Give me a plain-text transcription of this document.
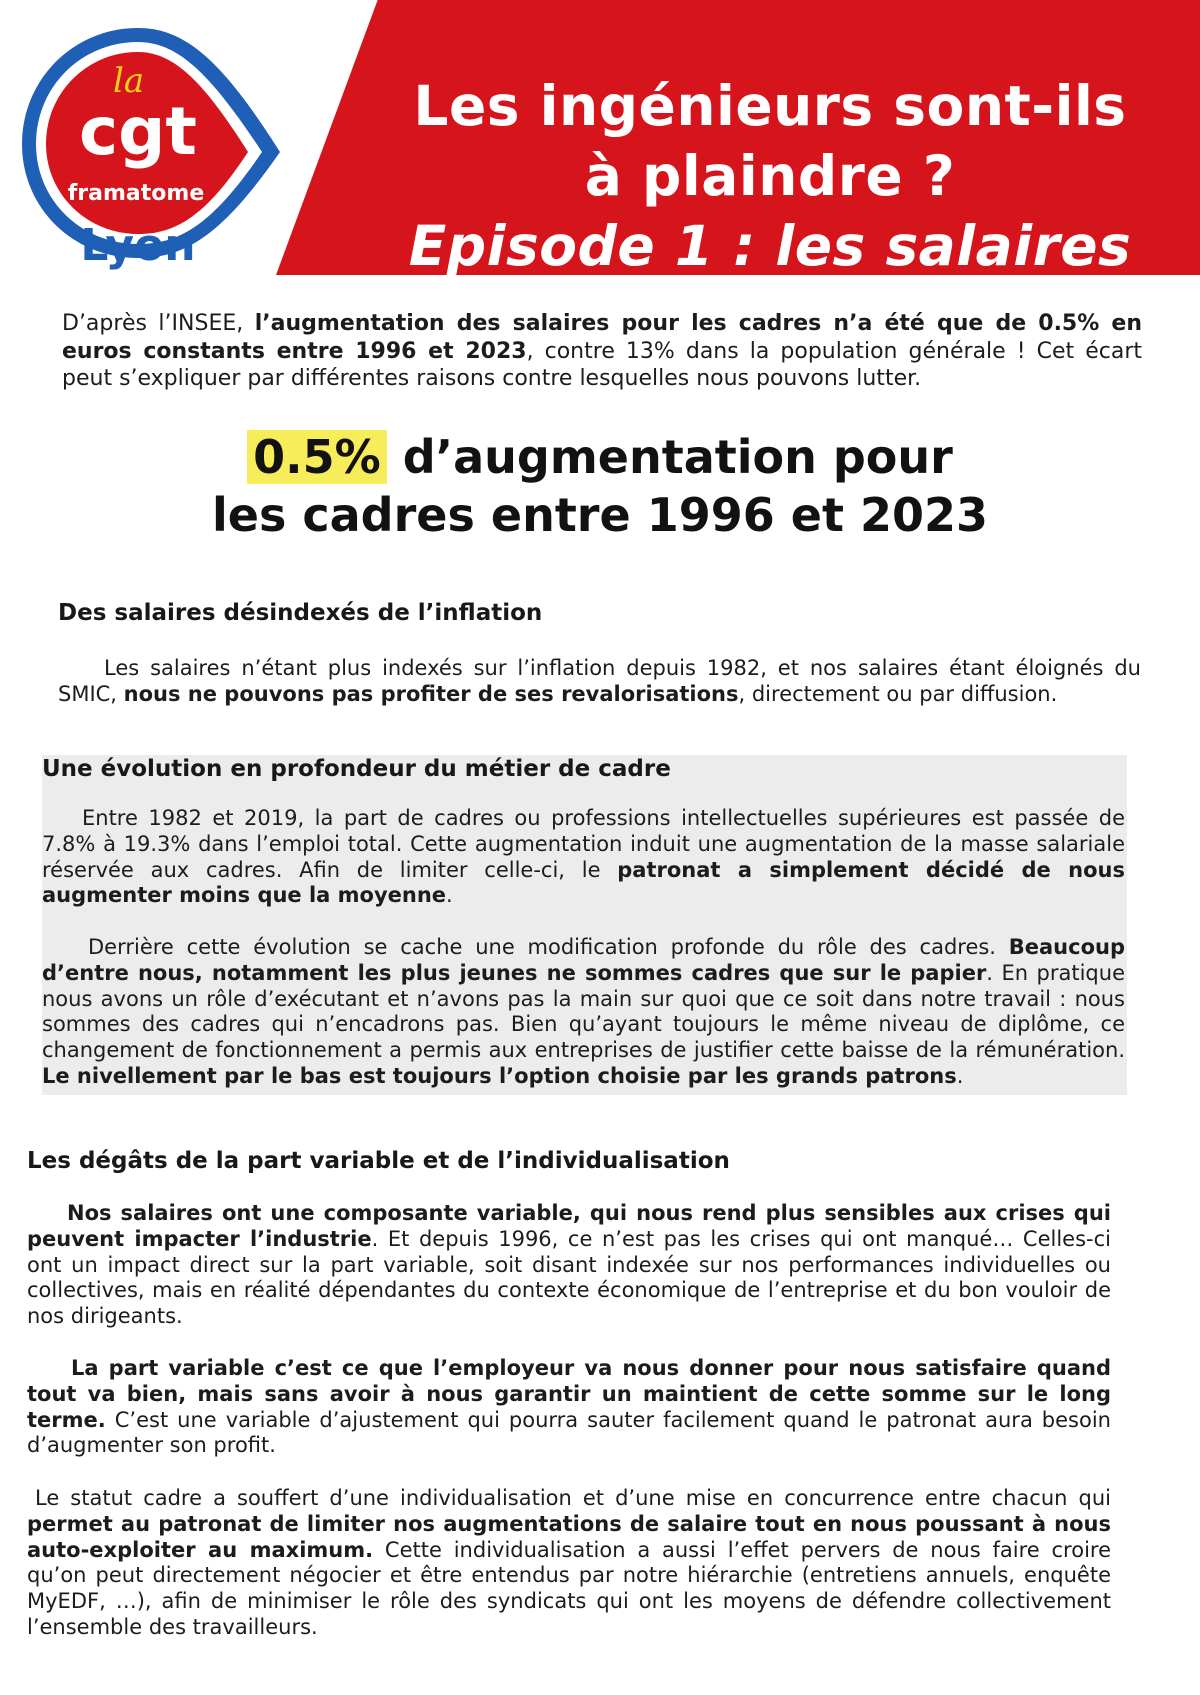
la
cgt
framatome
Lyon
Les ingénieurs sont-ils
à plaindre ?
Episode 1 : les salaires

D’après l’INSEE, l’augmentation des salaires pour les cadres n’a été que de 0.5% en euros constants entre 1996 et 2023, contre 13% dans la population générale ! Cet écart peut s’expliquer par différentes raisons contre lesquelles nous pouvons lutter.

0.5% d’augmentation pour
les cadres entre 1996 et 2023
Des salaires désindexés de l’inflation

Les salaires n’étant plus indexés sur l’inflation depuis 1982, et nos salaires étant éloignés du SMIC, nous ne pouvons pas profiter de ses revalorisations, directement ou par diffusion.

Une évolution en profondeur du métier de cadre

Entre 1982 et 2019, la part de cadres ou professions intellectuelles supérieures est passée de 7.8% à 19.3% dans l’emploi total. Cette augmentation induit une augmentation de la masse salariale réservée aux cadres. Afin de limiter celle-ci, le patronat a simplement décidé de nous augmenter moins que la moyenne.

Derrière cette évolution se cache une modification profonde du rôle des cadres. Beaucoup d’entre nous, notamment les plus jeunes ne sommes cadres que sur le papier. En pratique nous avons un rôle d’exécutant et n’avons pas la main sur quoi que ce soit dans notre travail : nous sommes des cadres qui n’encadrons pas. Bien qu’ayant toujours le même niveau de diplôme, ce changement de fonctionnement a permis aux entreprises de justifier cette baisse de la rémunération. Le nivellement par le bas est toujours l’option choisie par les grands patrons.

Les dégâts de la part variable et de l’individualisation

Nos salaires ont une composante variable, qui nous rend plus sensibles aux crises qui peuvent impacter l’industrie. Et depuis 1996, ce n’est pas les crises qui ont manqué… Celles-ci ont un impact direct sur la part variable, soit disant indexée sur nos performances individuelles ou collectives, mais en réalité dépendantes du contexte économique de l’entreprise et du bon vouloir de nos dirigeants.

La part variable c’est ce que l’employeur va nous donner pour nous satisfaire quand tout va bien, mais sans avoir à nous garantir un maintient de cette somme sur le long terme. C’est une variable d’ajustement qui pourra sauter facilement quand le patronat aura besoin d’augmenter son profit.

Le statut cadre a souffert d’une individualisation et d’une mise en concurrence entre chacun qui permet au patronat de limiter nos augmentations de salaire tout en nous poussant à nous auto-exploiter au maximum. Cette individualisation a aussi l’effet pervers de nous faire croire qu’on peut directement négocier et être entendus par notre hiérarchie (entretiens annuels, enquête MyEDF, …), afin de minimiser le rôle des syndicats qui ont les moyens de défendre collectivement l’ensemble des travailleurs.
